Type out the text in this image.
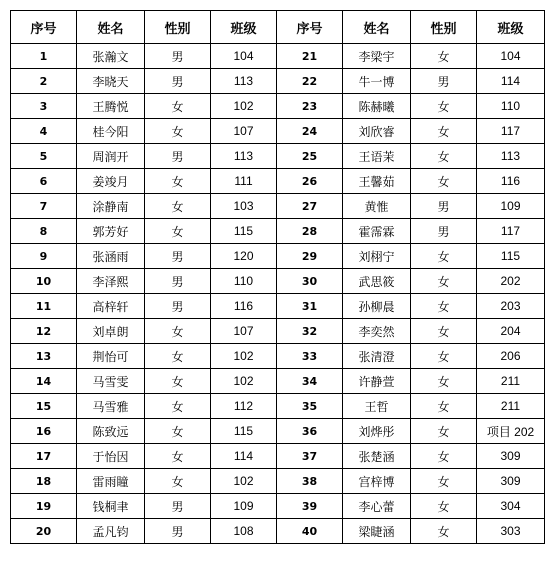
序号	姓名	性别	班级	序号	姓名	性别	班级
1	张瀚文	男	104	21	李梁宇	女	104
2	李晓天	男	113	22	牛一博	男	114
3	王腾悦	女	102	23	陈赫曦	女	110
4	桂今阳	女	107	24	刘欣睿	女	117
5	周润开	男	113	25	王语茉	女	113
6	姜竣月	女	111	26	王馨茹	女	116
7	涂静南	女	103	27	黄惟	男	109
8	郭芳好	女	115	28	霍霈霖	男	117
9	张涵雨	男	120	29	刘栩宁	女	115
10	李泽熙	男	110	30	武思筱	女	202
11	高梓轩	男	116	31	孙柳晨	女	203
12	刘卓朗	女	107	32	李奕然	女	204
13	荆怡可	女	102	33	张清澄	女	206
14	马雪雯	女	102	34	许静萱	女	211
15	马雪雅	女	112	35	王哲	女	211
16	陈致远	女	115	36	刘烨彤	女	项目 202
17	于怡因	女	114	37	张楚涵	女	309
18	雷雨瞳	女	102	38	宫梓博	女	309
19	钱桐聿	男	109	39	李心蕾	女	304
20	孟凡钧	男	108	40	梁睫涵	女	303
